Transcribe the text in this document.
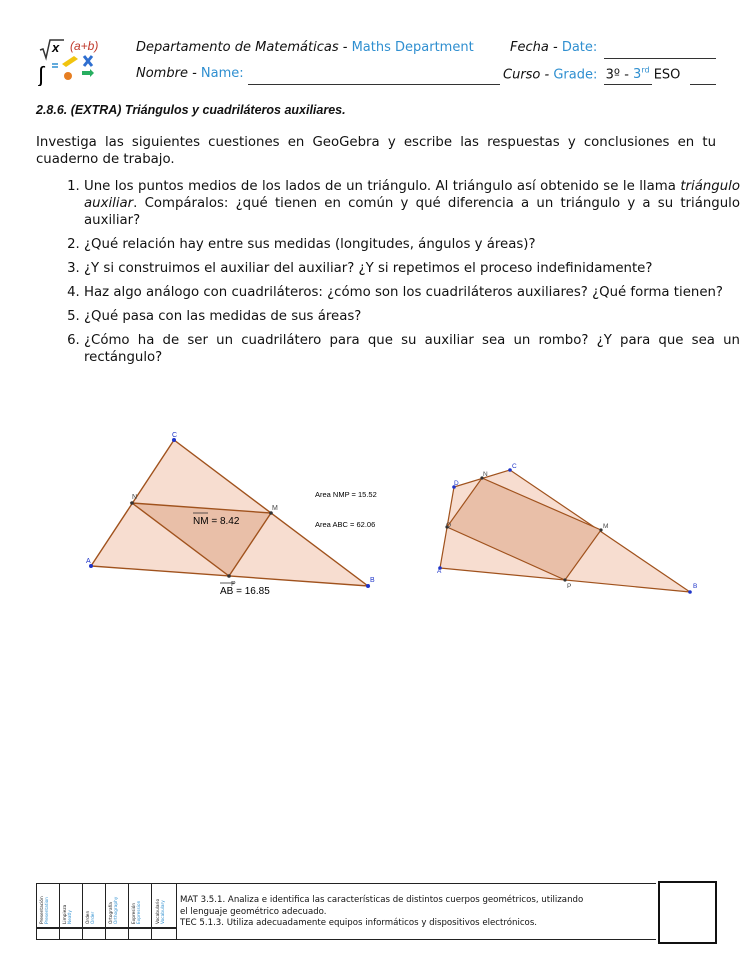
x (a+b)
∫
Departamento de Matemáticas - Maths Department	Fecha - Date:
Nombre - Name:	Curso - Grade: 3º - 3rd ESO
2.8.6. (EXTRA) Triángulos y cuadriláteros auxiliares.
Investiga las siguientes cuestiones en GeoGebra y escribe las respuestas y conclusiones en tu cuaderno de trabajo.
1. Une los puntos medios de los lados de un triángulo. Al triángulo así obtenido se le llama triángulo auxiliar. Compáralos: ¿qué tienen en común y qué diferencia a un triángulo y a su triángulo auxiliar?
2. ¿Qué relación hay entre sus medidas (longitudes, ángulos y áreas)?
3. ¿Y si construimos el auxiliar del auxiliar? ¿Y si repetimos el proceso indefinidamente?
4. Haz algo análogo con cuadriláteros: ¿cómo son los cuadriláteros auxiliares? ¿Qué forma tienen?
5. ¿Qué pasa con las medidas de sus áreas?
6. ¿Cómo ha de ser un cuadrilátero para que su auxiliar sea un rombo? ¿Y para que sea un rectángulo?
A
C
B
N
M
P
NM = 8.42
AB = 16.85
Area NMP = 15.52
Area ABC = 62.06
A
B
C
D
N
M
P
Q
Presentación Presentation	Limpieza Neatly	Orden Order	Ortografía Orthography	Expresión Expression	Vocabulario Vocabulary
MAT 3.5.1. Analiza e identifica las características de distintos cuerpos geométricos, utilizando
el lenguaje geométrico adecuado.
TEC 5.1.3. Utiliza adecuadamente equipos informáticos y dispositivos electrónicos.
